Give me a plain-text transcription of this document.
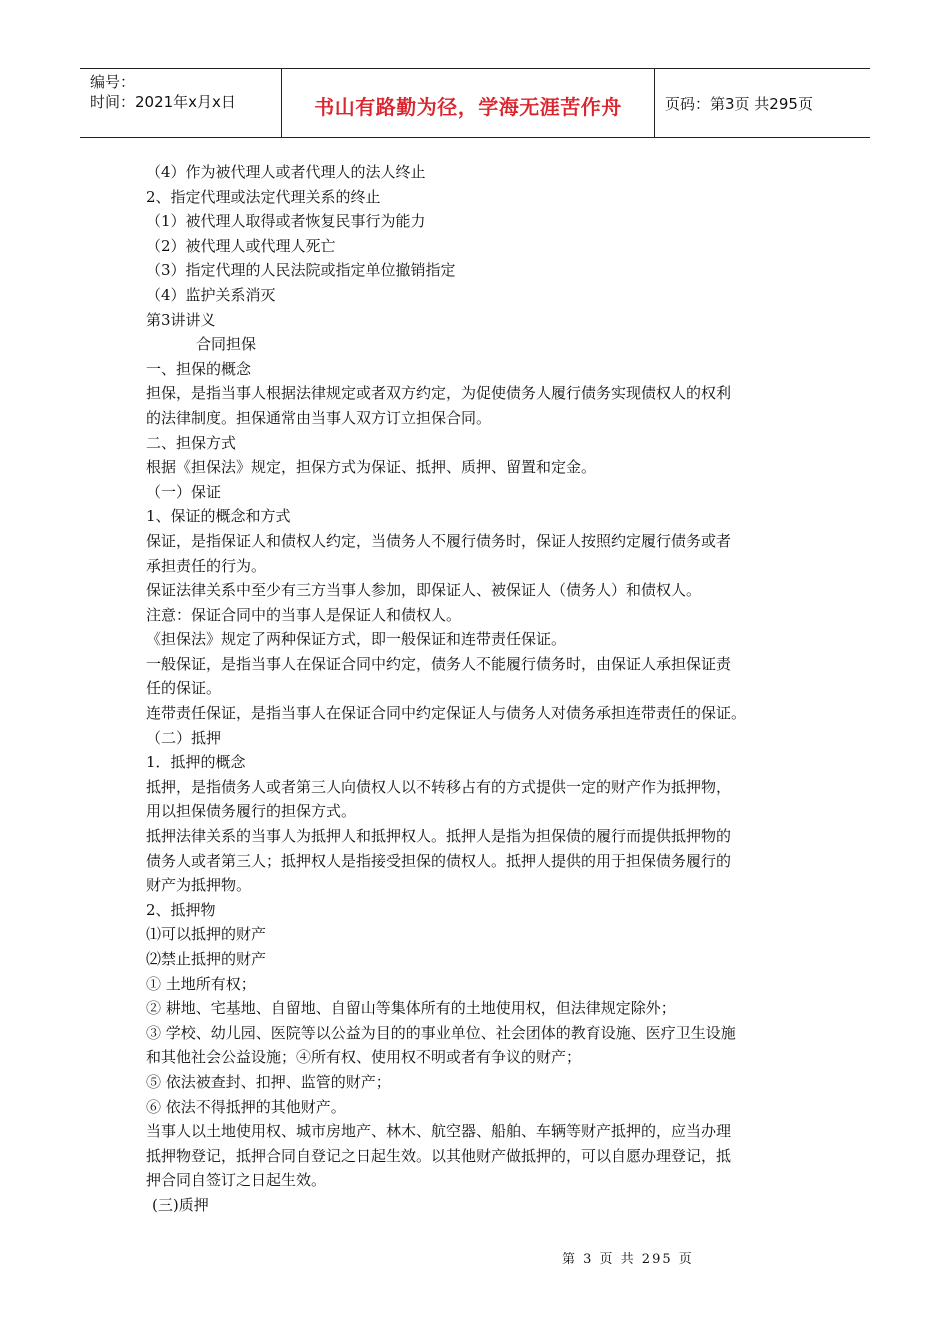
编号：
时间：2021年x月x日	书山有路勤为径，学海无涯苦作舟	页码：第3页 共295页
（4）作为被代理人或者代理人的法人终止
2、指定代理或法定代理关系的终止
（1）被代理人取得或者恢复民事行为能力
（2）被代理人或代理人死亡
（3）指定代理的人民法院或指定单位撤销指定
（4）监护关系消灭
第3讲讲义
合同担保
一、担保的概念
担保，是指当事人根据法律规定或者双方约定，为促使债务人履行债务实现债权人的权利
的法律制度。担保通常由当事人双方订立担保合同。
二、担保方式
根据《担保法》规定，担保方式为保证、抵押、质押、留置和定金。
（一）保证
1、保证的概念和方式
保证，是指保证人和债权人约定，当债务人不履行债务时，保证人按照约定履行债务或者
承担责任的行为。
保证法律关系中至少有三方当事人参加，即保证人、被保证人（债务人）和债权人。
注意：保证合同中的当事人是保证人和债权人。
《担保法》规定了两种保证方式，即一般保证和连带责任保证。
一般保证，是指当事人在保证合同中约定，债务人不能履行债务时，由保证人承担保证责
任的保证。
连带责任保证，是指当事人在保证合同中约定保证人与债务人对债务承担连带责任的保证。
（二）抵押
1．抵押的概念
抵押，是指债务人或者第三人向债权人以不转移占有的方式提供一定的财产作为抵押物，
用以担保债务履行的担保方式。
抵押法律关系的当事人为抵押人和抵押权人。抵押人是指为担保债的履行而提供抵押物的
债务人或者第三人；抵押权人是指接受担保的债权人。抵押人提供的用于担保债务履行的
财产为抵押物。
2、抵押物
⑴可以抵押的财产
⑵禁止抵押的财产
① 土地所有权；
② 耕地、宅基地、自留地、自留山等集体所有的土地使用权，但法律规定除外；
③ 学校、幼儿园、医院等以公益为目的的事业单位、社会团体的教育设施、医疗卫生设施
和其他社会公益设施；④所有权、使用权不明或者有争议的财产；
⑤ 依法被查封、扣押、监管的财产；
⑥ 依法不得抵押的其他财产。
当事人以土地使用权、城市房地产、林木、航空器、船舶、车辆等财产抵押的，应当办理
抵押物登记，抵押合同自登记之日起生效。以其他财产做抵押的，可以自愿办理登记，抵
押合同自签订之日起生效。
(三)质押
第 3 页 共 295 页
